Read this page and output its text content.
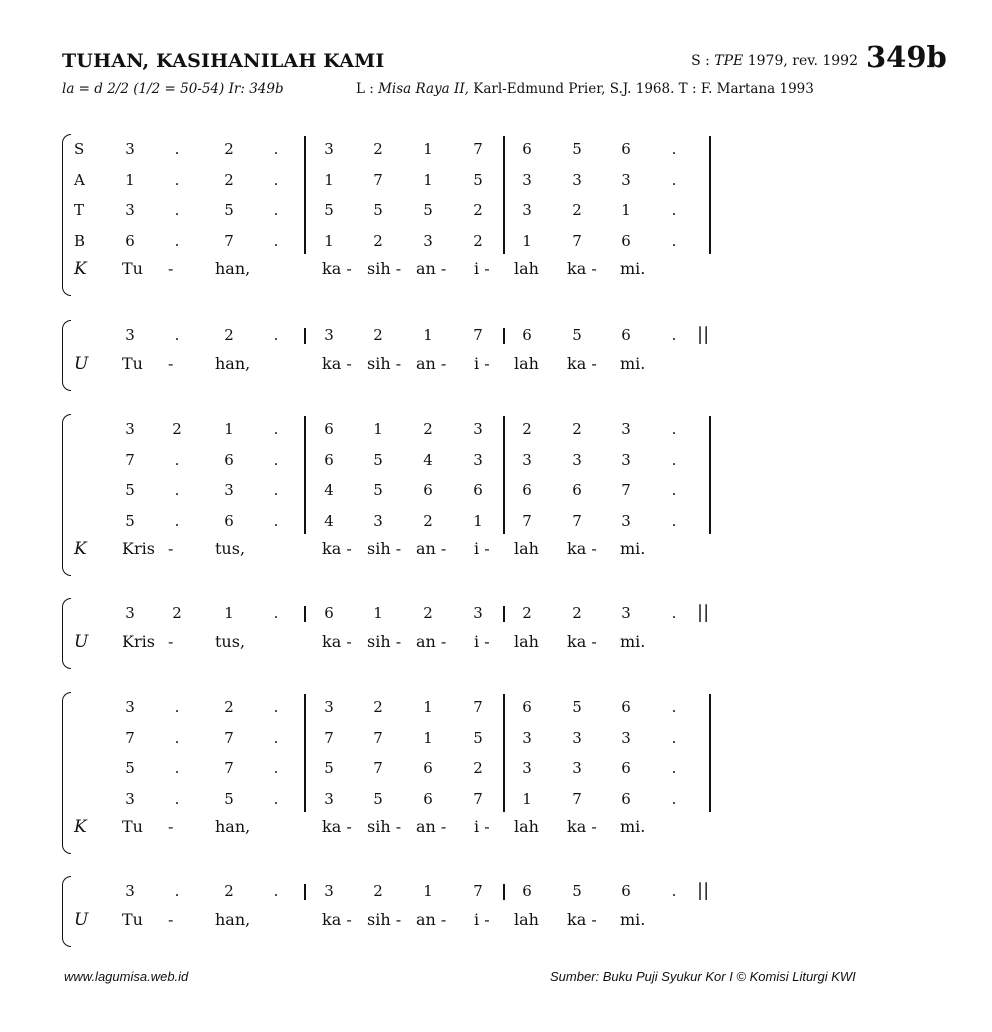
TUHAN, KASIHANILAH KAMI	S : TPE 1979, rev. 1992 349b
la = d 2/2 (1/2 = 50-54) Ir: 349b	L : Misa Raya II, Karl-Edmund Prier, S.J. 1968. T : F. Martana 1993
S	3	.	2	.	3	2	1	7	6	5	6	.
A	1	.	2	.	1	7	1	5	3	3	3	.
T	3	.	5	.	5	5	5	2	3	2	1	.
B	6	.	7	.	1	2	3	2	1	7	6	.
K Tu -	han,	ka - sih - an - i - lah ka - mi.
3	.	2	.	3	2	1	7	6	5	6	.	||
U Tu -	han,	ka - sih - an - i - lah ka - mi.
3	2	1	.	6	1	2	3	2	2	3	.
7	.	6	.	6	5	4	3	3	3	3	.
5	.	3	.	4	5	6	6	6	6	7	.
5	.	6	.	4	3	2	1	7	7	3	.
K Kris -	tus,	ka - sih - an - i - lah ka - mi.
3	2	1	.	6	1	2	3	2	2	3	.	||
U Kris -	tus,	ka - sih - an - i - lah ka - mi.
3	.	2	.	3	2	1	7	6	5	6	.
7	.	7	.	7	7	1	5	3	3	3	.
5	.	7	.	5	7	6	2	3	3	6	.
3	.	5	.	3	5	6	7	1	7	6	.
K Tu -	han,	ka - sih - an - i - lah ka - mi.
3	.	2	.	3	2	1	7	6	5	6	.	||
U Tu -	han,	ka - sih - an - i - lah ka - mi.
www.lagumisa.web.id	Sumber: Buku Puji Syukur Kor I © Komisi Liturgi KWI
